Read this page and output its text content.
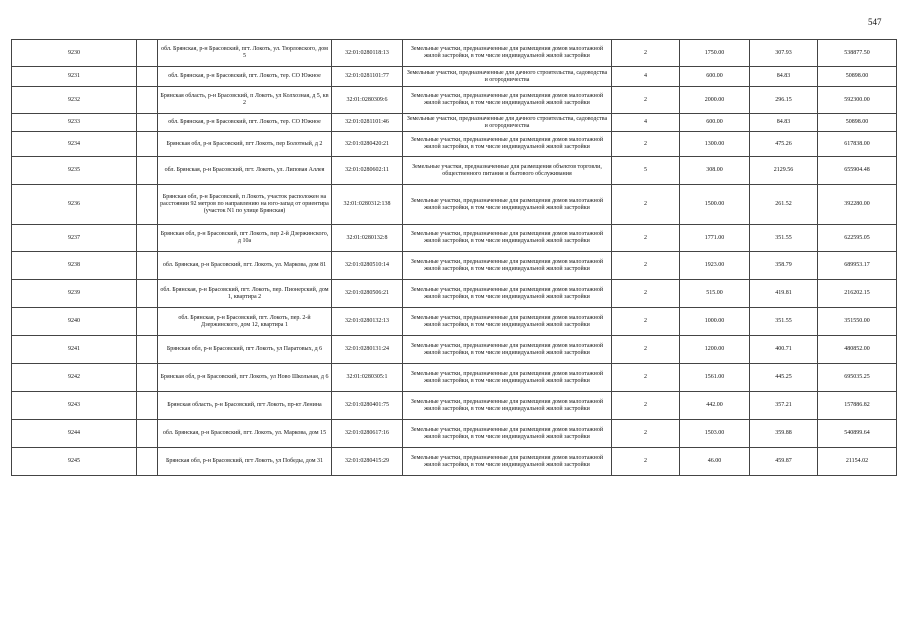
547
9230		обл. Брянская, р-н Брасовский, пгт. Локоть, ул. Тюрловского, дом 5	32:01:0280118:13	Земельные участки, предназначенные для размещения домов малоэтажной жилой застройки, в том числе индивидуальной жилой застройки	2	1750.00	307.93	538877.50
9231		обл. Брянская, р-н Брасовский, пгт. Локоть, тер. СО Южное	32:01:0281101:77	Земельные участки, предназначенные для дачного строительства, садоводства и огородничества	4	600.00	84.83	50898.00
9232		Брянская область, р-н Брасовский, п Локоть, ул Колхозная, д 5, кв 2	32:01:0280309:6	Земельные участки, предназначенные для размещения домов малоэтажной жилой застройки, в том числе индивидуальной жилой застройки	2	2000.00	296.15	592300.00
9233		обл. Брянская, р-н Брасовский, пгт. Локоть, тер. СО Южное	32:01:0281101:46	Земельные участки, предназначенные для дачного строительства, садоводства и огородничества	4	600.00	84.83	50898.00
9234		Брянская обл, р-н Брасовский, пгт Локоть, пер Болотный, д 2	32:01:0280420:21	Земельные участки, предназначенные для размещения домов малоэтажной жилой застройки, в том числе индивидуальной жилой застройки	2	1300.00	475.26	617838.00
9235		обл. Брянская, р-н Брасовский, пгт. Локоть, ул. Липовая Аллея	32:01:0280602:11	Земельные участки, предназначенные для размещения объектов торговли, общественного питания и бытового обслуживания	5	308.00	2129.56	655904.48
9236		Брянская обл, р-н Брасовский, п Локоть, участок расположен на расстоянии 92 метров по направлению на юго-запад от ориентира (участок N1 по улице Брянская)	32:01:0280312:138	Земельные участки, предназначенные для размещения домов малоэтажной жилой застройки, в том числе индивидуальной жилой застройки	2	1500.00	261.52	392280.00
9237		Брянская обл, р-н Брасовский, пгт Локоть, пер 2-й Дзержинского, д 10а	32:01:0280132:8	Земельные участки, предназначенные для размещения домов малоэтажной жилой застройки, в том числе индивидуальной жилой застройки	2	1771.00	351.55	622595.05
9238		обл. Брянская, р-н Брасовский, пгт. Локоть, ул. Маркова, дом 81	32:01:0280510:14	Земельные участки, предназначенные для размещения домов малоэтажной жилой застройки, в том числе индивидуальной жилой застройки	2	1923.00	358.79	689953.17
9239		обл. Брянская, р-н Брасовский, пгт. Локоть, пер. Пионерский, дом 1, квартира 2	32:01:0280506:21	Земельные участки, предназначенные для размещения домов малоэтажной жилой застройки, в том числе индивидуальной жилой застройки	2	515.00	419.81	216202.15
9240		обл. Брянская, р-н Брасовский, пгт. Локоть, пер. 2-й Дзержинского, дом 12, квартира 1	32:01:0280132:13	Земельные участки, предназначенные для размещения домов малоэтажной жилой застройки, в том числе индивидуальной жилой застройки	2	1000.00	351.55	351550.00
9241		Брянская обл, р-н Брасовский, пгт Локоть, ул Паратовых, д 6	32:01:0280131:24	Земельные участки, предназначенные для размещения домов малоэтажной жилой застройки, в том числе индивидуальной жилой застройки	2	1200.00	400.71	480852.00
9242		Брянская обл, р-н Брасовский, пгт Локоть, ул Ново Школьная, д 6	32:01:0280305:1	Земельные участки, предназначенные для размещения домов малоэтажной жилой застройки, в том числе индивидуальной жилой застройки	2	1561.00	445.25	695035.25
9243		Брянская область, р-н Брасовский, пгт Локоть, пр-кт Ленина	32:01:0280401:75	Земельные участки, предназначенные для размещения домов малоэтажной жилой застройки, в том числе индивидуальной жилой застройки	2	442.00	357.21	157886.82
9244		обл. Брянская, р-н Брасовский, пгт. Локоть, ул. Маркова, дом 15	32:01:0280617:16	Земельные участки, предназначенные для размещения домов малоэтажной жилой застройки, в том числе индивидуальной жилой застройки	2	1503.00	359.88	540899.64
9245		Брянская обл, р-н Брасовский, пгт Локоть, ул Победы, дом 31	32:01:0280415:29	Земельные участки, предназначенные для размещения домов малоэтажной жилой застройки, в том числе индивидуальной жилой застройки	2	46.00	459.87	21154.02
